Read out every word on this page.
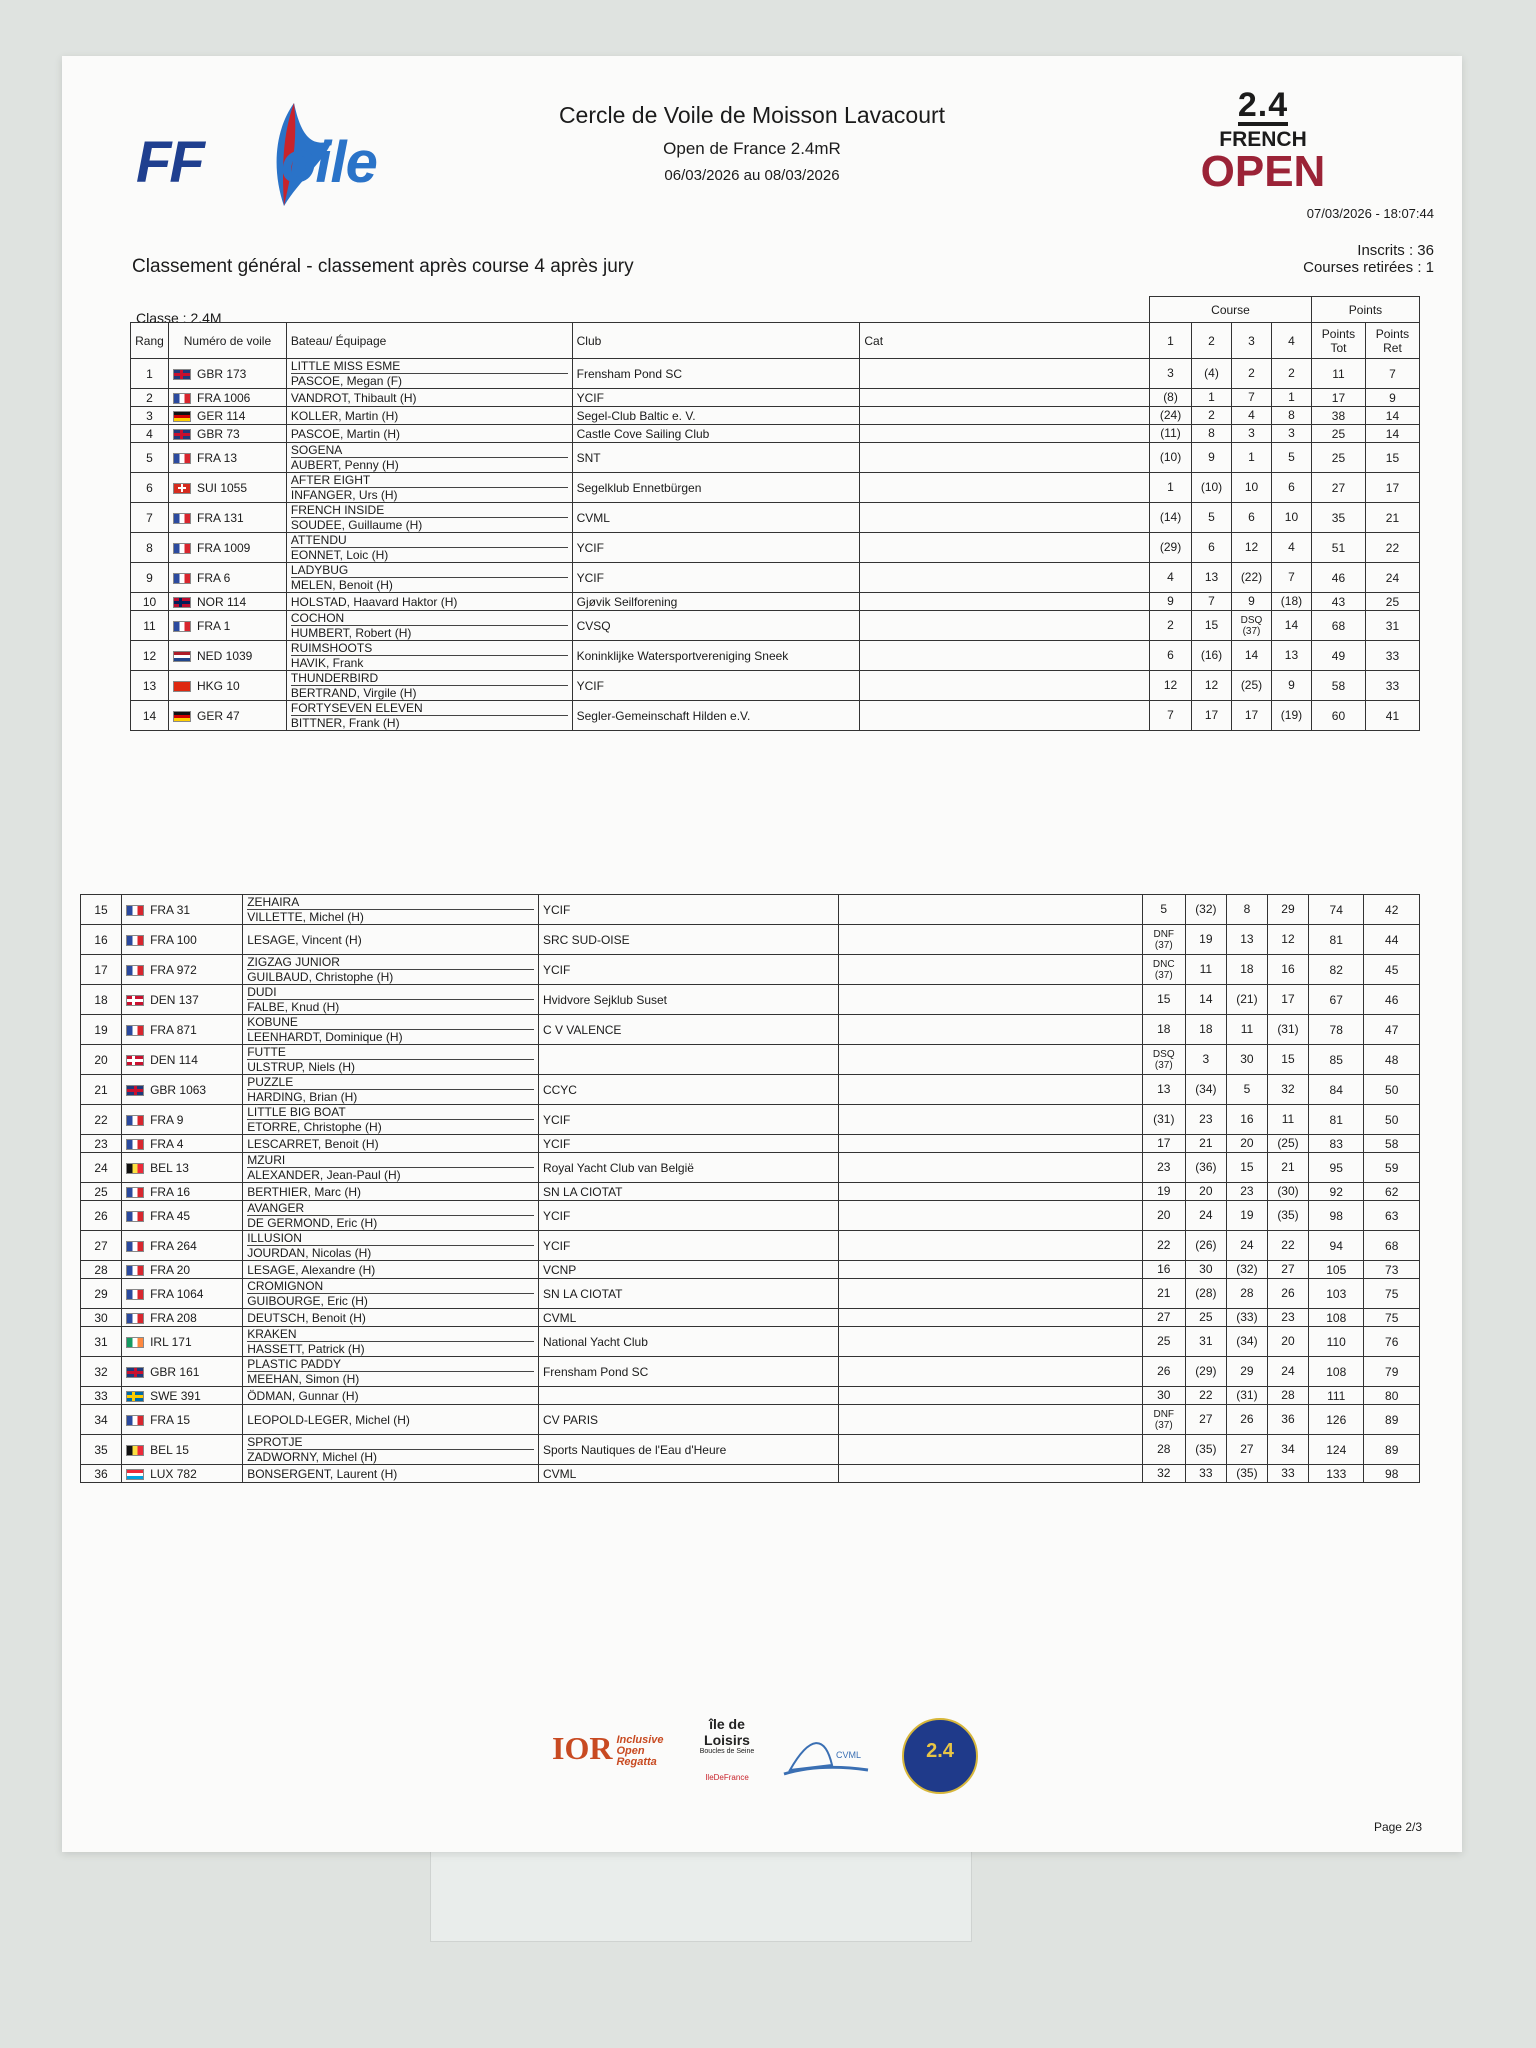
FF oile
Cercle de Voile de Moisson Lavacourt
Open de France 2.4mR
06/03/2026 au 08/03/2026
2.4
FRENCH
OPEN
07/03/2026 - 18:07:44
Inscrits : 36
Courses retirées : 1
Classement général - classement après course 4 après jury
Classe : 2.4M
					Course				Points	
Rang	Numéro de voile	Bateau/ Équipage	Club	Cat	1	2	3	4	Points Tot	Points Ret
1	GBR 173	LITTLE MISS ESME
PASCOE, Megan (F)	Frensham Pond SC		3	(4)	2	2	11	7
2	FRA 1006	VANDROT, Thibault (H)	YCIF		(8)	1	7	1	17	9
3	GER 114	KOLLER, Martin (H)	Segel-Club Baltic e. V.		(24)	2	4	8	38	14
4	GBR 73	PASCOE, Martin (H)	Castle Cove Sailing Club		(11)	8	3	3	25	14
5	FRA 13	SOGENA
AUBERT, Penny (H)	SNT		(10)	9	1	5	25	15
6	SUI 1055	AFTER EIGHT
INFANGER, Urs (H)	Segelklub Ennetbürgen		1	(10)	10	6	27	17
7	FRA 131	FRENCH INSIDE
SOUDEE, Guillaume (H)	CVML		(14)	5	6	10	35	21
8	FRA 1009	ATTENDU
EONNET, Loic (H)	YCIF		(29)	6	12	4	51	22
9	FRA 6	LADYBUG
MELEN, Benoit (H)	YCIF		4	13	(22)	7	46	24
10	NOR 114	HOLSTAD, Haavard Haktor (H)	Gjøvik Seilforening		9	7	9	(18)	43	25
11	FRA 1	COCHON
HUMBERT, Robert (H)	CVSQ		2	15	DSQ (37)	14	68	31
12	NED 1039	RUIMSHOOTS
HAVIK, Frank	Koninklijke Watersportvereniging Sneek		6	(16)	14	13	49	33
13	HKG 10	THUNDERBIRD
BERTRAND, Virgile (H)	YCIF		12	12	(25)	9	58	33
14	GER 47	FORTYSEVEN ELEVEN
BITTNER, Frank (H)	Segler-Gemeinschaft Hilden e.V.		7	17	17	(19)	60	41
15	FRA 31	ZEHAIRA
VILLETTE, Michel (H)	YCIF		5	(32)	8	29	74	42
16	FRA 100	LESAGE, Vincent (H)	SRC SUD-OISE		DNF (37)	19	13	12	81	44
17	FRA 972	ZIGZAG JUNIOR
GUILBAUD, Christophe (H)	YCIF		DNC (37)	11	18	16	82	45
18	DEN 137	DUDI
FALBE, Knud (H)	Hvidvore Sejklub Suset		15	14	(21)	17	67	46
19	FRA 871	KOBUNE
LEENHARDT, Dominique (H)	C V VALENCE		18	18	11	(31)	78	47
20	DEN 114	FUTTE
ULSTRUP, Niels (H)			DSQ (37)	3	30	15	85	48
21	GBR 1063	PUZZLE
HARDING, Brian (H)	CCYC		13	(34)	5	32	84	50
22	FRA 9	LITTLE BIG BOAT
ETORRE, Christophe (H)	YCIF		(31)	23	16	11	81	50
23	FRA 4	LESCARRET, Benoit (H)	YCIF		17	21	20	(25)	83	58
24	BEL 13	MZURI
ALEXANDER, Jean-Paul (H)	Royal Yacht Club van België		23	(36)	15	21	95	59
25	FRA 16	BERTHIER, Marc (H)	SN LA CIOTAT		19	20	23	(30)	92	62
26	FRA 45	AVANGER
DE GERMOND, Eric (H)	YCIF		20	24	19	(35)	98	63
27	FRA 264	ILLUSION
JOURDAN, Nicolas (H)	YCIF		22	(26)	24	22	94	68
28	FRA 20	LESAGE, Alexandre (H)	VCNP		16	30	(32)	27	105	73
29	FRA 1064	CROMIGNON
GUIBOURGE, Eric (H)	SN LA CIOTAT		21	(28)	28	26	103	75
30	FRA 208	DEUTSCH, Benoit (H)	CVML		27	25	(33)	23	108	75
31	IRL 171	KRAKEN
HASSETT, Patrick (H)	National Yacht Club		25	31	(34)	20	110	76
32	GBR 161	PLASTIC PADDY
MEEHAN, Simon (H)	Frensham Pond SC		26	(29)	29	24	108	79
33	SWE 391	ÖDMAN, Gunnar (H)			30	22	(31)	28	111	80
34	FRA 15	LEOPOLD-LEGER, Michel (H)	CV PARIS		DNF (37)	27	26	36	126	89
35	BEL 15	SPROTJE
ZADWORNY, Michel (H)	Sports Nautiques de l'Eau d'Heure		28	(35)	27	34	124	89
36	LUX 782	BONSERGENT, Laurent (H)	CVML		32	33	(35)	33	133	98
IOR Inclusive Open Regatta
île de Loisirs
Boucles de Seine
IleDeFrance
CVML	2.4
Page 2/3
